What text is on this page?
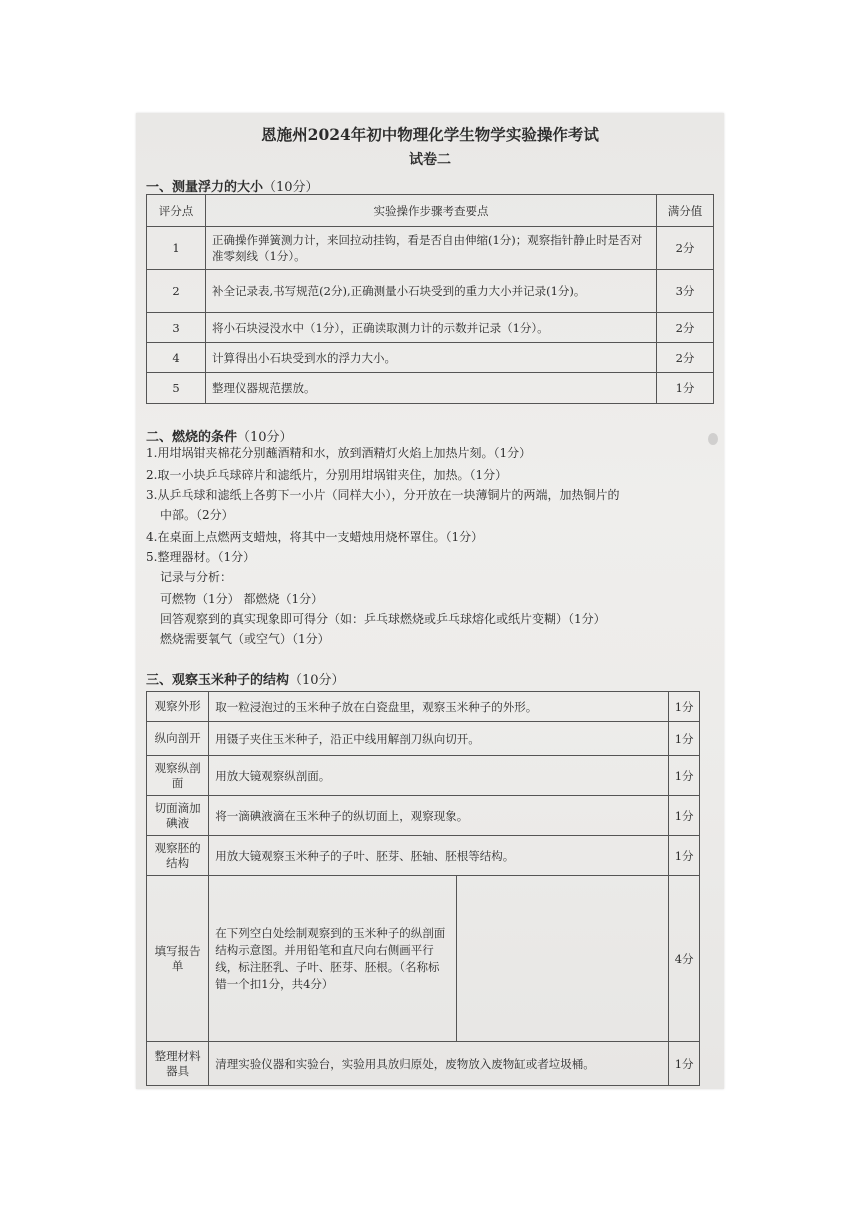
恩施州2024年初中物理化学生物学实验操作考试
试卷二
一、测量浮力的大小（10分）
评分点	实验操作步骤考查要点	满分值
1	正确操作弹簧测力计，来回拉动挂钩，看是否自由伸缩(1分)；观察指针静止时是否对准零刻线（1分）。	2分
2	补全记录表,书写规范(2分),正确测量小石块受到的重力大小并记录(1分)。	3分
3	将小石块浸没水中（1分），正确读取测力计的示数并记录（1分）。	2分
4	计算得出小石块受到水的浮力大小。	2分
5	整理仪器规范摆放。	1分
二、燃烧的条件（10分）
1.用坩埚钳夹棉花分别蘸酒精和水，放到酒精灯火焰上加热片刻。（1分）
2.取一小块乒乓球碎片和滤纸片，分别用坩埚钳夹住，加热。（1分）
3.从乒乓球和滤纸上各剪下一小片（同样大小），分开放在一块薄铜片的两端，加热铜片的
中部。（2分）
4.在桌面上点燃两支蜡烛，将其中一支蜡烛用烧杯罩住。（1分）
5.整理器材。（1分）
记录与分析：
可燃物（1分） 都燃烧（1分）
回答观察到的真实现象即可得分（如：乒乓球燃烧或乒乓球熔化或纸片变糊）（1分）
燃烧需要氧气（或空气）（1分）
三、观察玉米种子的结构（10分）
观察外形	取一粒浸泡过的玉米种子放在白瓷盘里，观察玉米种子的外形。		1分
纵向剖开	用镊子夹住玉米种子，沿正中线用解剖刀纵向切开。		1分
观察纵剖面	用放大镜观察纵剖面。		1分
切面滴加碘液	将一滴碘液滴在玉米种子的纵切面上，观察现象。		1分
观察胚的结构	用放大镜观察玉米种子的子叶、胚芽、胚轴、胚根等结构。		1分
填写报告单	在下列空白处绘制观察到的玉米种子的纵剖面结构示意图。并用铅笔和直尺向右侧画平行线，标注胚乳、子叶、胚芽、胚根。（名称标错一个扣1分，共4分）		4分
整理材料器具	清理实验仪器和实验台，实验用具放归原处，废物放入废物缸或者垃圾桶。		1分
